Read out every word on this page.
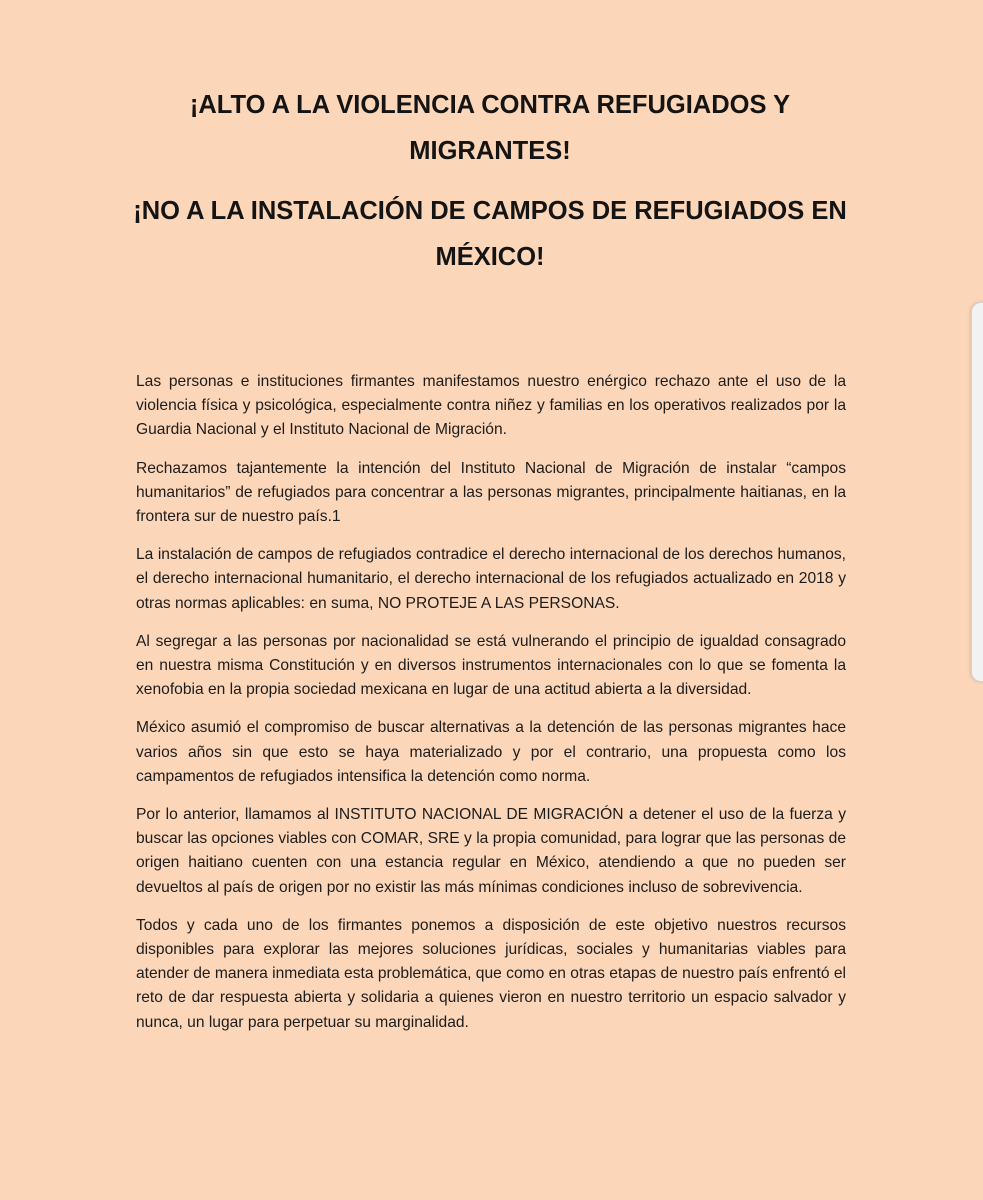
¡ALTO A LA VIOLENCIA CONTRA REFUGIADOS Y MIGRANTES!
¡NO A LA INSTALACIÓN DE CAMPOS DE REFUGIADOS EN MÉXICO!

Las personas e instituciones firmantes manifestamos nuestro enérgico rechazo ante el uso de la violencia física y psicológica, especialmente contra niñez y familias en los operativos realizados por la Guardia Nacional y el Instituto Nacional de Migración.

Rechazamos tajantemente la intención del Instituto Nacional de Migración de instalar “campos humanitarios” de refugiados para concentrar a las personas migrantes, principalmente haitianas, en la frontera sur de nuestro país.1

La instalación de campos de refugiados contradice el derecho internacional de los derechos humanos, el derecho internacional humanitario, el derecho internacional de los refugiados actualizado en 2018 y otras normas aplicables: en suma, NO PROTEJE A LAS PERSONAS.

Al segregar a las personas por nacionalidad se está vulnerando el principio de igualdad consagrado en nuestra misma Constitución y en diversos instrumentos internacionales con lo que se fomenta la xenofobia en la propia sociedad mexicana en lugar de una actitud abierta a la diversidad.

México asumió el compromiso de buscar alternativas a la detención de las personas migrantes hace varios años sin que esto se haya materializado y por el contrario, una propuesta como los campamentos de refugiados intensifica la detención como norma.

Por lo anterior, llamamos al INSTITUTO NACIONAL DE MIGRACIÓN a detener el uso de la fuerza y buscar las opciones viables con COMAR, SRE y la propia comunidad, para lograr que las personas de origen haitiano cuenten con una estancia regular en México, atendiendo a que no pueden ser devueltos al país de origen por no existir las más mínimas condiciones incluso de sobrevivencia.

Todos y cada uno de los firmantes ponemos a disposición de este objetivo nuestros recursos disponibles para explorar las mejores soluciones jurídicas, sociales y humanitarias viables para atender de manera inmediata esta problemática, que como en otras etapas de nuestro país enfrentó el reto de dar respuesta abierta y solidaria a quienes vieron en nuestro territorio un espacio salvador y nunca, un lugar para perpetuar su marginalidad.
